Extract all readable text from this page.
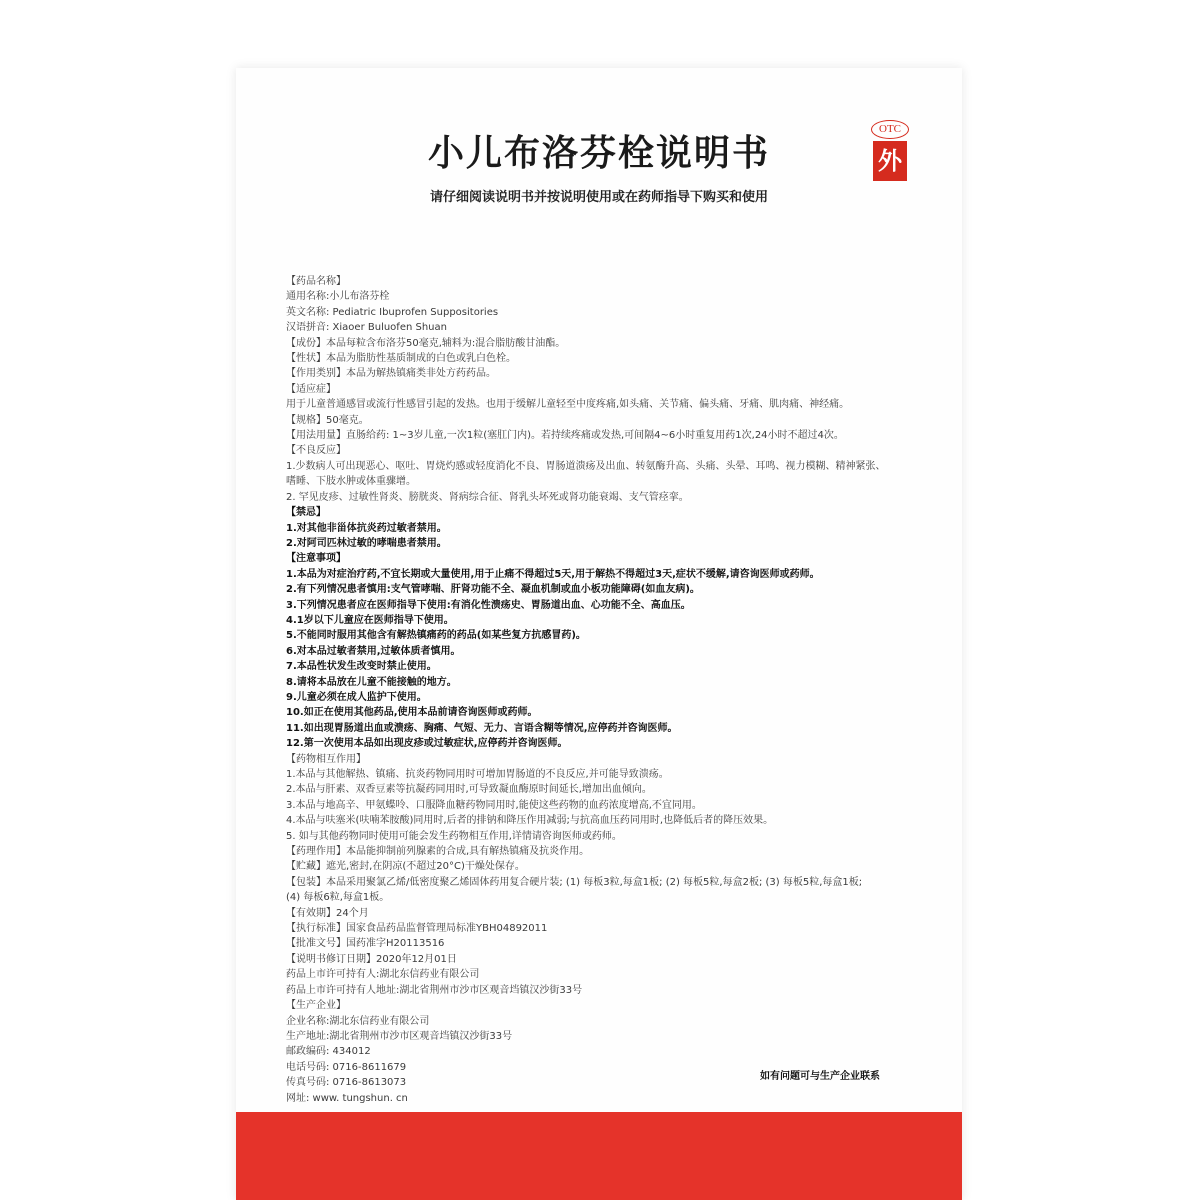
OTC
外
小儿布洛芬栓说明书
请仔细阅读说明书并按说明使用或在药师指导下购买和使用
【药品名称】
通用名称:小儿布洛芬栓
英文名称: Pediatric Ibuprofen Suppositories
汉语拼音: Xiaoer Buluofen Shuan
【成份】本品每粒含布洛芬50毫克,辅料为:混合脂肪酸甘油酯。
【性状】本品为脂肪性基质制成的白色或乳白色栓。
【作用类别】本品为解热镇痛类非处方药药品。
【适应症】
用于儿童普通感冒或流行性感冒引起的发热。也用于缓解儿童轻至中度疼痛,如头痛、关节痛、偏头痛、牙痛、肌肉痛、神经痛。
【规格】50毫克。
【用法用量】直肠给药: 1~3岁儿童,一次1粒(塞肛门内)。若持续疼痛或发热,可间隔4~6小时重复用药1次,24小时不超过4次。
【不良反应】
1.少数病人可出现恶心、呕吐、胃烧灼感或轻度消化不良、胃肠道溃疡及出血、转氨酶升高、头痛、头晕、耳鸣、视力模糊、精神紧张、
嗜睡、下肢水肿或体重骤增。
2. 罕见皮疹、过敏性肾炎、膀胱炎、肾病综合征、肾乳头坏死或肾功能衰竭、支气管痉挛。
【禁忌】
1.对其他非甾体抗炎药过敏者禁用。
2.对阿司匹林过敏的哮喘患者禁用。
【注意事项】
1.本品为对症治疗药,不宜长期或大量使用,用于止痛不得超过5天,用于解热不得超过3天,症状不缓解,请咨询医师或药师。
2.有下列情况患者慎用:支气管哮喘、肝肾功能不全、凝血机制或血小板功能障碍(如血友病)。
3.下列情况患者应在医师指导下使用:有消化性溃疡史、胃肠道出血、心功能不全、高血压。
4.1岁以下儿童应在医师指导下使用。
5.不能同时服用其他含有解热镇痛药的药品(如某些复方抗感冒药)。
6.对本品过敏者禁用,过敏体质者慎用。
7.本品性状发生改变时禁止使用。
8.请将本品放在儿童不能接触的地方。
9.儿童必须在成人监护下使用。
10.如正在使用其他药品,使用本品前请咨询医师或药师。
11.如出现胃肠道出血或溃疡、胸痛、气短、无力、言语含糊等情况,应停药并咨询医师。
12.第一次使用本品如出现皮疹或过敏症状,应停药并咨询医师。
【药物相互作用】
1.本品与其他解热、镇痛、抗炎药物同用时可增加胃肠道的不良反应,并可能导致溃疡。
2.本品与肝素、双香豆素等抗凝药同用时,可导致凝血酶原时间延长,增加出血倾向。
3.本品与地高辛、甲氨蝶呤、口服降血糖药物同用时,能使这些药物的血药浓度增高,不宜同用。
4.本品与呋塞米(呋喃苯胺酸)同用时,后者的排钠和降压作用减弱;与抗高血压药同用时,也降低后者的降压效果。
5. 如与其他药物同时使用可能会发生药物相互作用,详情请咨询医师或药师。
【药理作用】本品能抑制前列腺素的合成,具有解热镇痛及抗炎作用。
【贮藏】遮光,密封,在阴凉(不超过20°C)干燥处保存。
【包装】本品采用聚氯乙烯/低密度聚乙烯固体药用复合硬片装; (1) 每板3粒,每盒1板; (2) 每板5粒,每盒2板; (3) 每板5粒,每盒1板;
(4) 每板6粒,每盒1板。
【有效期】24个月
【执行标准】国家食品药品监督管理局标准YBH04892011
【批准文号】国药准字H20113516
【说明书修订日期】2020年12月01日
药品上市许可持有人:湖北东信药业有限公司
药品上市许可持有人地址:湖北省荆州市沙市区观音垱镇汉沙街33号
【生产企业】
企业名称:湖北东信药业有限公司
生产地址:湖北省荆州市沙市区观音垱镇汉沙街33号
邮政编码: 434012
电话号码: 0716-8611679
传真号码: 0716-8613073
网址: www. tungshun. cn
如有问题可与生产企业联系
